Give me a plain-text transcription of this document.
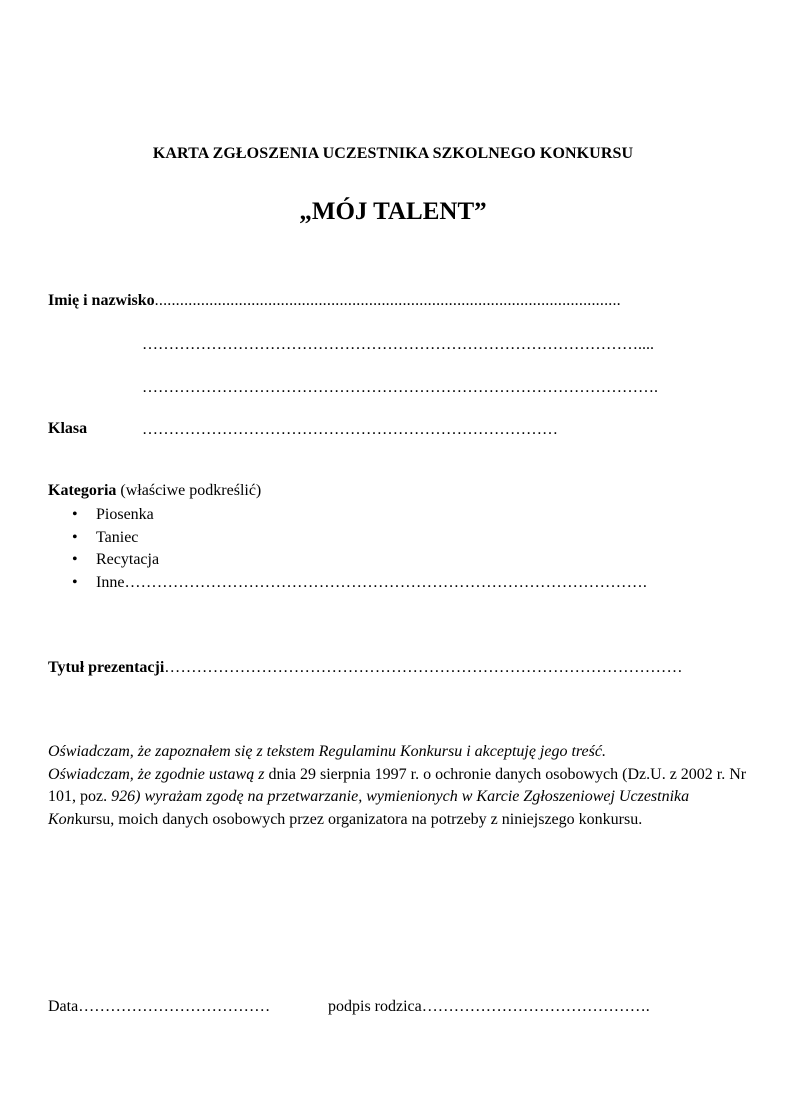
KARTA ZGŁOSZENIA UCZESTNIKA SZKOLNEGO KONKURSU
„MÓJ TALENT”
Imię i nazwisko...............................................................................................................
…………………………………………………………………………………....
…………………………………………………………………………………….
Klasa	……………………………………………………………………
Kategoria (właściwe podkreślić)
• Piosenka
• Taniec
• Recytacja
• Inne…………………………………………………………………………………….
Tytuł prezentacji……………………………………………………………………………………

Oświadczam, że zapoznałem się z tekstem Regulaminu Konkursu i akceptuję jego treść.

Oświadczam, że zgodnie ustawą z dnia 29 sierpnia 1997 r. o ochronie danych osobowych (Dz.U. z 2002 r. Nr 101, poz. 926) wyrażam zgodę na przetwarzanie, wymienionych w Karcie Zgłoszeniowej Uczestnika Konkursu, moich danych osobowych przez organizatora na potrzeby z niniejszego konkursu.

Data………………………………	podpis rodzica…………………………………….
